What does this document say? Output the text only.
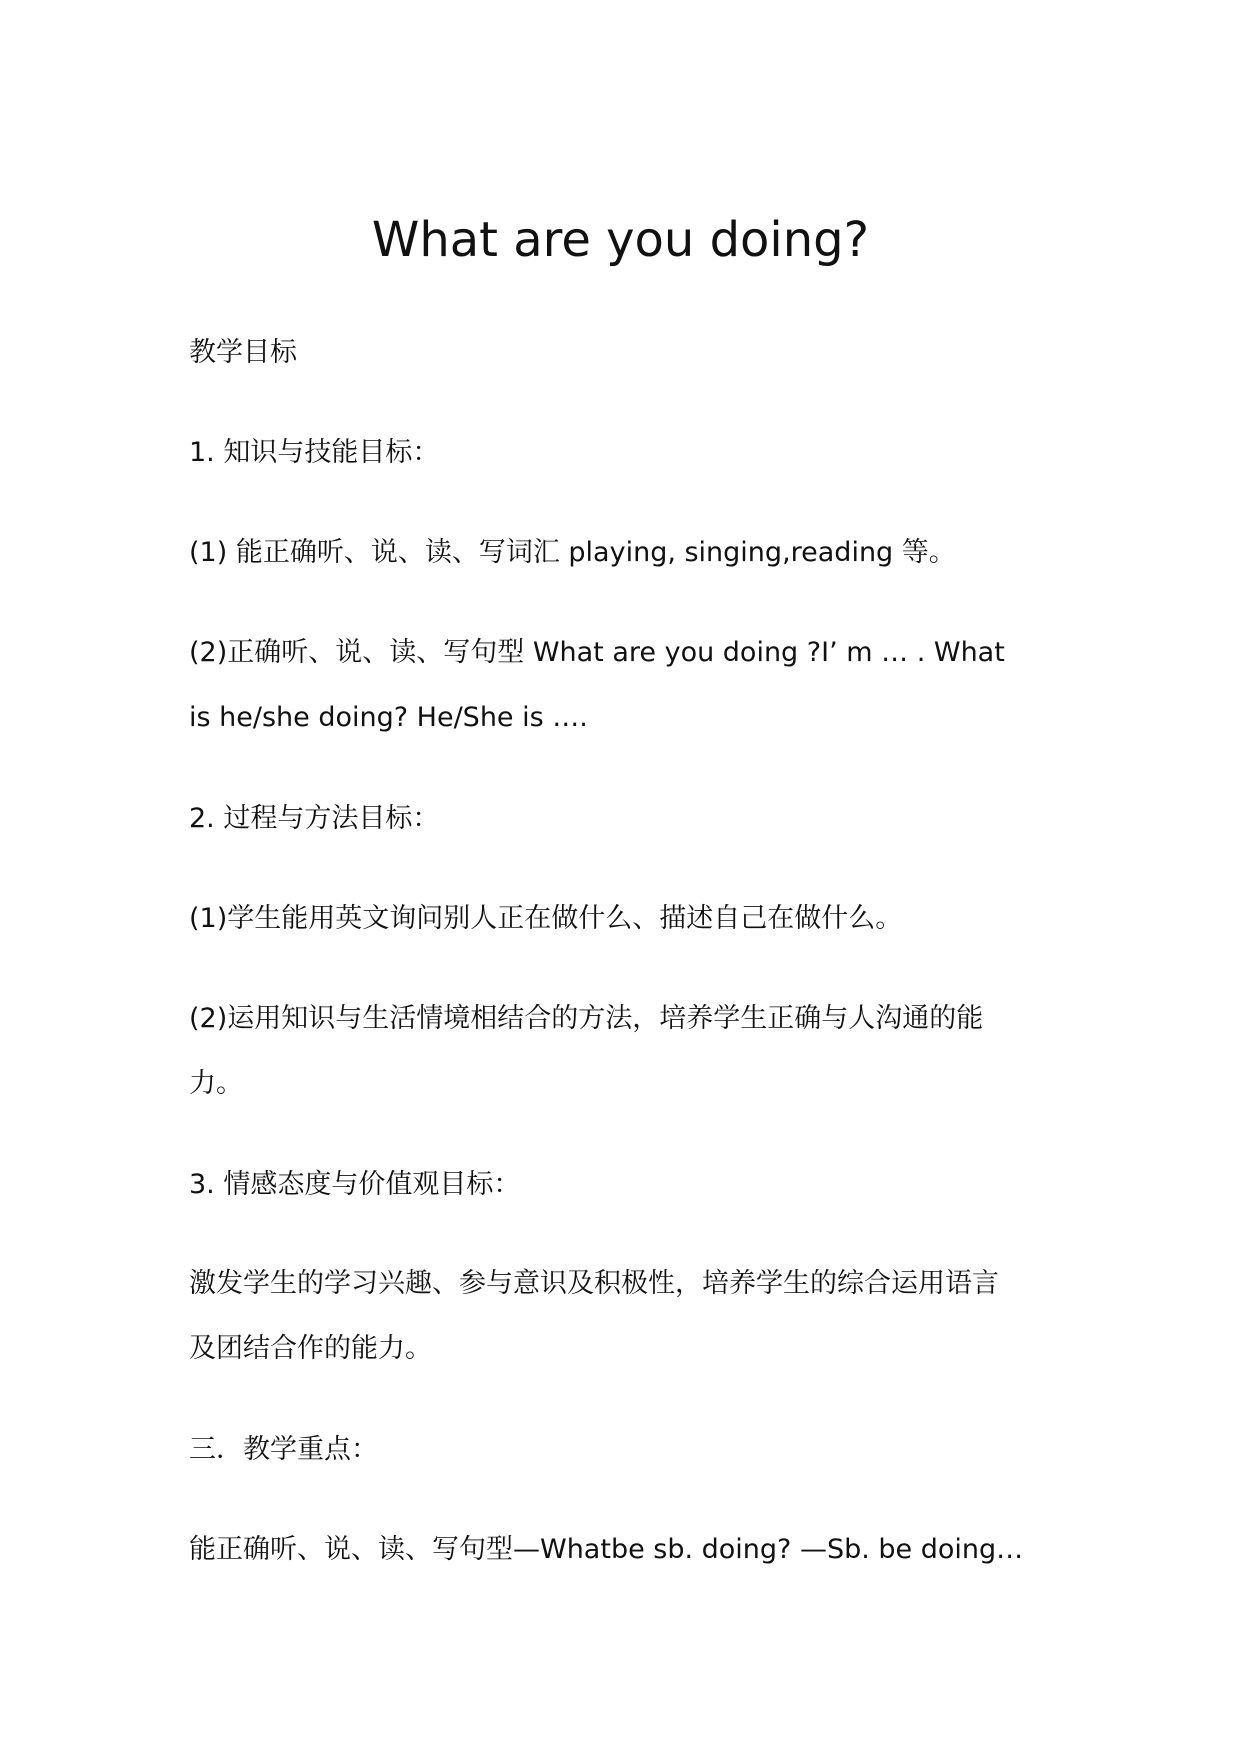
What are you doing?

教学目标

1. 知识与技能目标：

(1) 能正确听、说、读、写词汇 playing, singing,reading 等。

(2)正确听、说、读、写句型 What are you doing ?I’ m … . What

is he/she doing? He/She is ….

2. 过程与方法目标：

(1)学生能用英文询问别人正在做什么、描述自己在做什么。

(2)运用知识与生活情境相结合的方法，培养学生正确与人沟通的能

力。

3. 情感态度与价值观目标：

激发学生的学习兴趣、参与意识及积极性，培养学生的综合运用语言

及团结合作的能力。

三．教学重点：

能正确听、说、读、写句型—Whatbe sb. doing? —Sb. be doing…
